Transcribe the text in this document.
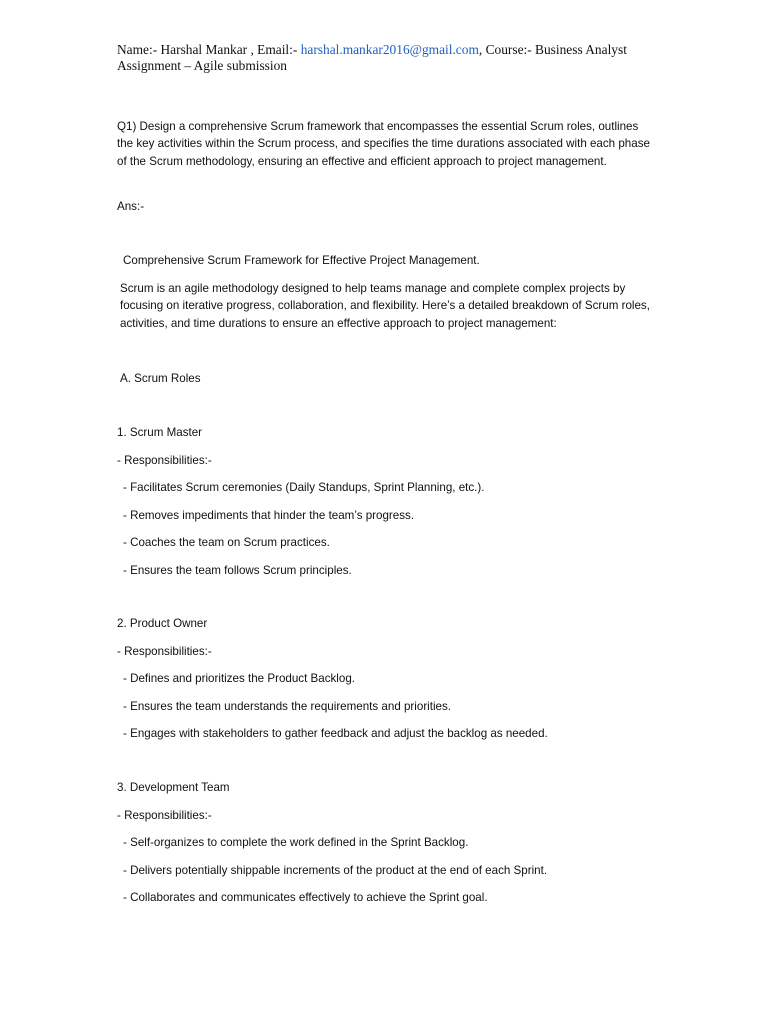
Name:- Harshal Mankar , Email:- harshal.mankar2016@gmail.com, Course:- Business Analyst
Assignment – Agile submission
Q1) Design a comprehensive Scrum framework that encompasses the essential Scrum roles, outlines the key activities within the Scrum process, and specifies the time durations associated with each phase of the Scrum methodology, ensuring an effective and efficient approach to project management.
Ans:-
Comprehensive Scrum Framework for Effective Project Management.
Scrum is an agile methodology designed to help teams manage and complete complex projects by focusing on iterative progress, collaboration, and flexibility. Here’s a detailed breakdown of Scrum roles, activities, and time durations to ensure an effective approach to project management:
A. Scrum Roles
1. Scrum Master
- Responsibilities:-
- Facilitates Scrum ceremonies (Daily Standups, Sprint Planning, etc.).
- Removes impediments that hinder the team’s progress.
- Coaches the team on Scrum practices.
- Ensures the team follows Scrum principles.
2. Product Owner
- Responsibilities:-
- Defines and prioritizes the Product Backlog.
- Ensures the team understands the requirements and priorities.
- Engages with stakeholders to gather feedback and adjust the backlog as needed.
3. Development Team
- Responsibilities:-
- Self-organizes to complete the work defined in the Sprint Backlog.
- Delivers potentially shippable increments of the product at the end of each Sprint.
- Collaborates and communicates effectively to achieve the Sprint goal.
